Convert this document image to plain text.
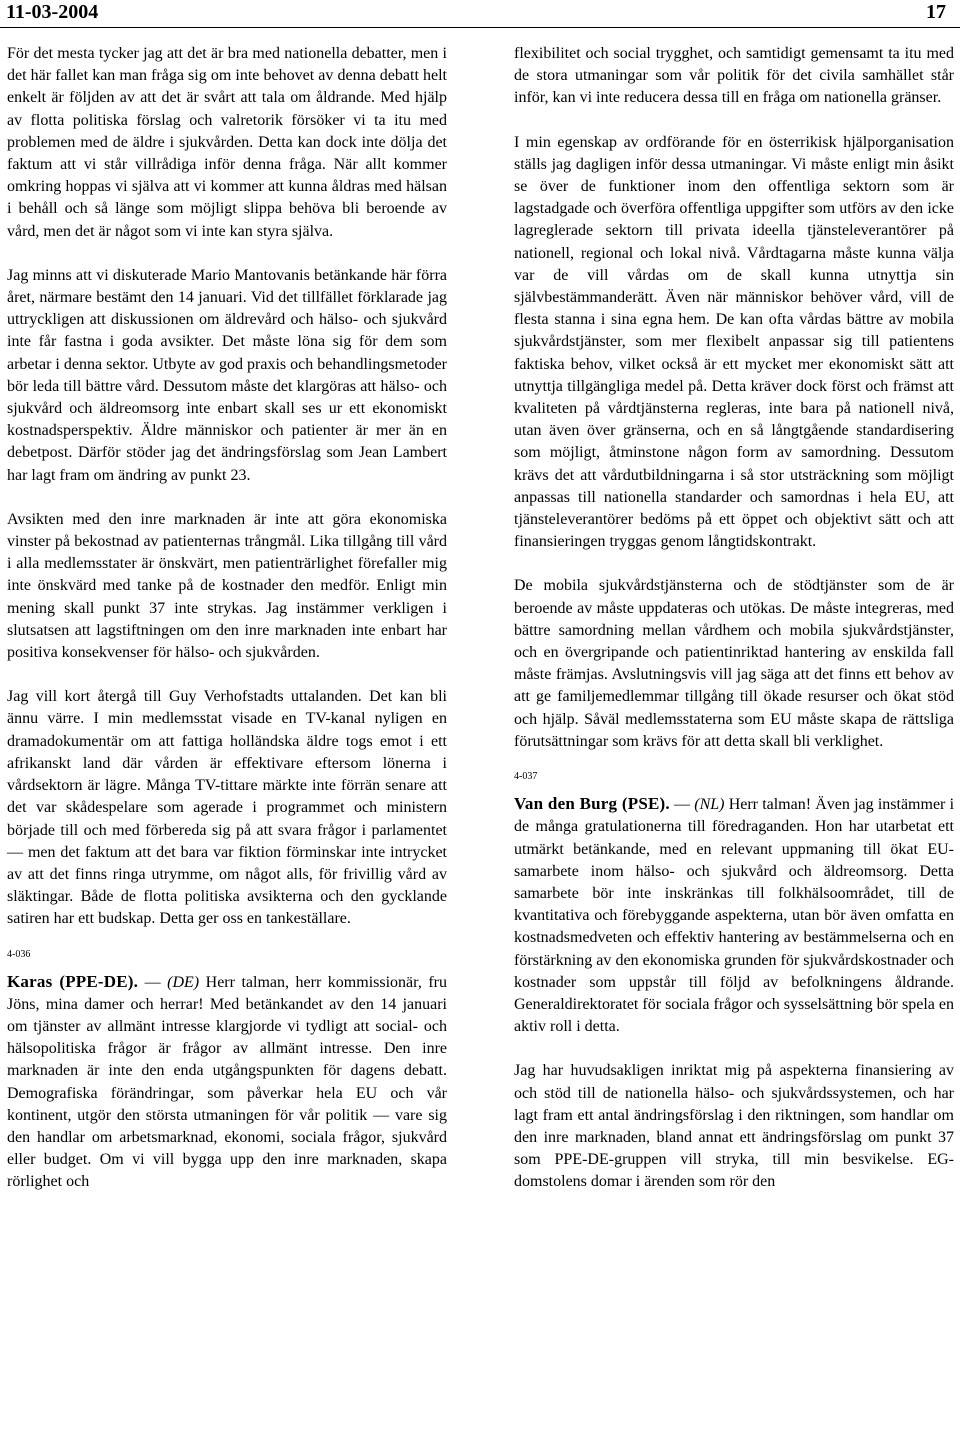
11-03-2004	17

För det mesta tycker jag att det är bra med nationella debatter, men i det här fallet kan man fråga sig om inte behovet av denna debatt helt enkelt är följden av att det är svårt att tala om åldrande. Med hjälp av flotta politiska förslag och valretorik försöker vi ta itu med problemen med de äldre i sjukvården. Detta kan dock inte dölja det faktum att vi står villrådiga inför denna fråga. När allt kommer omkring hoppas vi själva att vi kommer att kunna åldras med hälsan i behåll och så länge som möjligt slippa behöva bli beroende av vård, men det är något som vi inte kan styra själva.

Jag minns att vi diskuterade Mario Mantovanis betänkande här förra året, närmare bestämt den 14 januari. Vid det tillfället förklarade jag uttryckligen att diskussionen om äldrevård och hälso- och sjukvård inte får fastna i goda avsikter. Det måste löna sig för dem som arbetar i denna sektor. Utbyte av god praxis och behandlingsmetoder bör leda till bättre vård. Dessutom måste det klargöras att hälso- och sjukvård och äldreomsorg inte enbart skall ses ur ett ekonomiskt kostnadsperspektiv. Äldre människor och patienter är mer än en debetpost. Därför stöder jag det ändringsförslag som Jean Lambert har lagt fram om ändring av punkt 23.

Avsikten med den inre marknaden är inte att göra ekonomiska vinster på bekostnad av patienternas trångmål. Lika tillgång till vård i alla medlemsstater är önskvärt, men patienträrlighet förefaller mig inte önskvärd med tanke på de kostnader den medför. Enligt min mening skall punkt 37 inte strykas. Jag instämmer verkligen i slutsatsen att lagstiftningen om den inre marknaden inte enbart har positiva konsekvenser för hälso- och sjukvården.

Jag vill kort återgå till Guy Verhofstadts uttalanden. Det kan bli ännu värre. I min medlemsstat visade en TV-kanal nyligen en dramadokumentär om att fattiga holländska äldre togs emot i ett afrikanskt land där vården är effektivare eftersom lönerna i vårdsektorn är lägre. Många TV-tittare märkte inte förrän senare att det var skådespelare som agerade i programmet och ministern började till och med förbereda sig på att svara frågor i parlamentet — men det faktum att det bara var fiktion förminskar inte intrycket av att det finns ringa utrymme, om något alls, för frivillig vård av släktingar. Både de flotta politiska avsikterna och den gycklande satiren har ett budskap. Detta ger oss en tankeställare.

4-036

Karas (PPE-DE). — (DE) Herr talman, herr kommissionär, fru Jöns, mina damer och herrar! Med betänkandet av den 14 januari om tjänster av allmänt intresse klargjorde vi tydligt att social- och hälsopolitiska frågor är frågor av allmänt intresse. Den inre marknaden är inte den enda utgångspunkten för dagens debatt. Demografiska förändringar, som påverkar hela EU och vår kontinent, utgör den största utmaningen för vår politik — vare sig den handlar om arbetsmarknad, ekonomi, sociala frågor, sjukvård eller budget. Om vi vill bygga upp den inre marknaden, skapa rörlighet och

flexibilitet och social trygghet, och samtidigt gemensamt ta itu med de stora utmaningar som vår politik för det civila samhället står inför, kan vi inte reducera dessa till en fråga om nationella gränser.

I min egenskap av ordförande för en österrikisk hjälporganisation ställs jag dagligen inför dessa utmaningar. Vi måste enligt min åsikt se över de funktioner inom den offentliga sektorn som är lagstadgade och överföra offentliga uppgifter som utförs av den icke lagreglerade sektorn till privata ideella tjänsteleverantörer på nationell, regional och lokal nivå. Vårdtagarna måste kunna välja var de vill vårdas om de skall kunna utnyttja sin självbestämmanderätt. Även när människor behöver vård, vill de flesta stanna i sina egna hem. De kan ofta vårdas bättre av mobila sjukvårdstjänster, som mer flexibelt anpassar sig till patientens faktiska behov, vilket också är ett mycket mer ekonomiskt sätt att utnyttja tillgängliga medel på. Detta kräver dock först och främst att kvaliteten på vårdtjänsterna regleras, inte bara på nationell nivå, utan även över gränserna, och en så långtgående standardisering som möjligt, åtminstone någon form av samordning. Dessutom krävs det att vårdutbildningarna i så stor utsträckning som möjligt anpassas till nationella standarder och samordnas i hela EU, att tjänsteleverantörer bedöms på ett öppet och objektivt sätt och att finansieringen tryggas genom långtidskontrakt.

De mobila sjukvårdstjänsterna och de stödtjänster som de är beroende av måste uppdateras och utökas. De måste integreras, med bättre samordning mellan vårdhem och mobila sjukvårdstjänster, och en övergripande och patientinriktad hantering av enskilda fall måste främjas. Avslutningsvis vill jag säga att det finns ett behov av att ge familjemedlemmar tillgång till ökade resurser och ökat stöd och hjälp. Såväl medlemsstaterna som EU måste skapa de rättsliga förutsättningar som krävs för att detta skall bli verklighet.

4-037

Van den Burg (PSE). — (NL) Herr talman! Även jag instämmer i de många gratulationerna till föredraganden. Hon har utarbetat ett utmärkt betänkande, med en relevant uppmaning till ökat EU-samarbete inom hälso- och sjukvård och äldreomsorg. Detta samarbete bör inte inskränkas till folkhälsoområdet, till de kvantitativa och förebyggande aspekterna, utan bör även omfatta en kostnadsmedveten och effektiv hantering av bestämmelserna och en förstärkning av den ekonomiska grunden för sjukvårdskostnader och kostnader som uppstår till följd av befolkningens åldrande. Generaldirektoratet för sociala frågor och sysselsättning bör spela en aktiv roll i detta.

Jag har huvudsakligen inriktat mig på aspekterna finansiering av och stöd till de nationella hälso- och sjukvårdssystemen, och har lagt fram ett antal ändringsförslag i den riktningen, som handlar om den inre marknaden, bland annat ett ändringsförslag om punkt 37 som PPE-DE-gruppen vill stryka, till min besvikelse. EG-domstolens domar i ärenden som rör den
